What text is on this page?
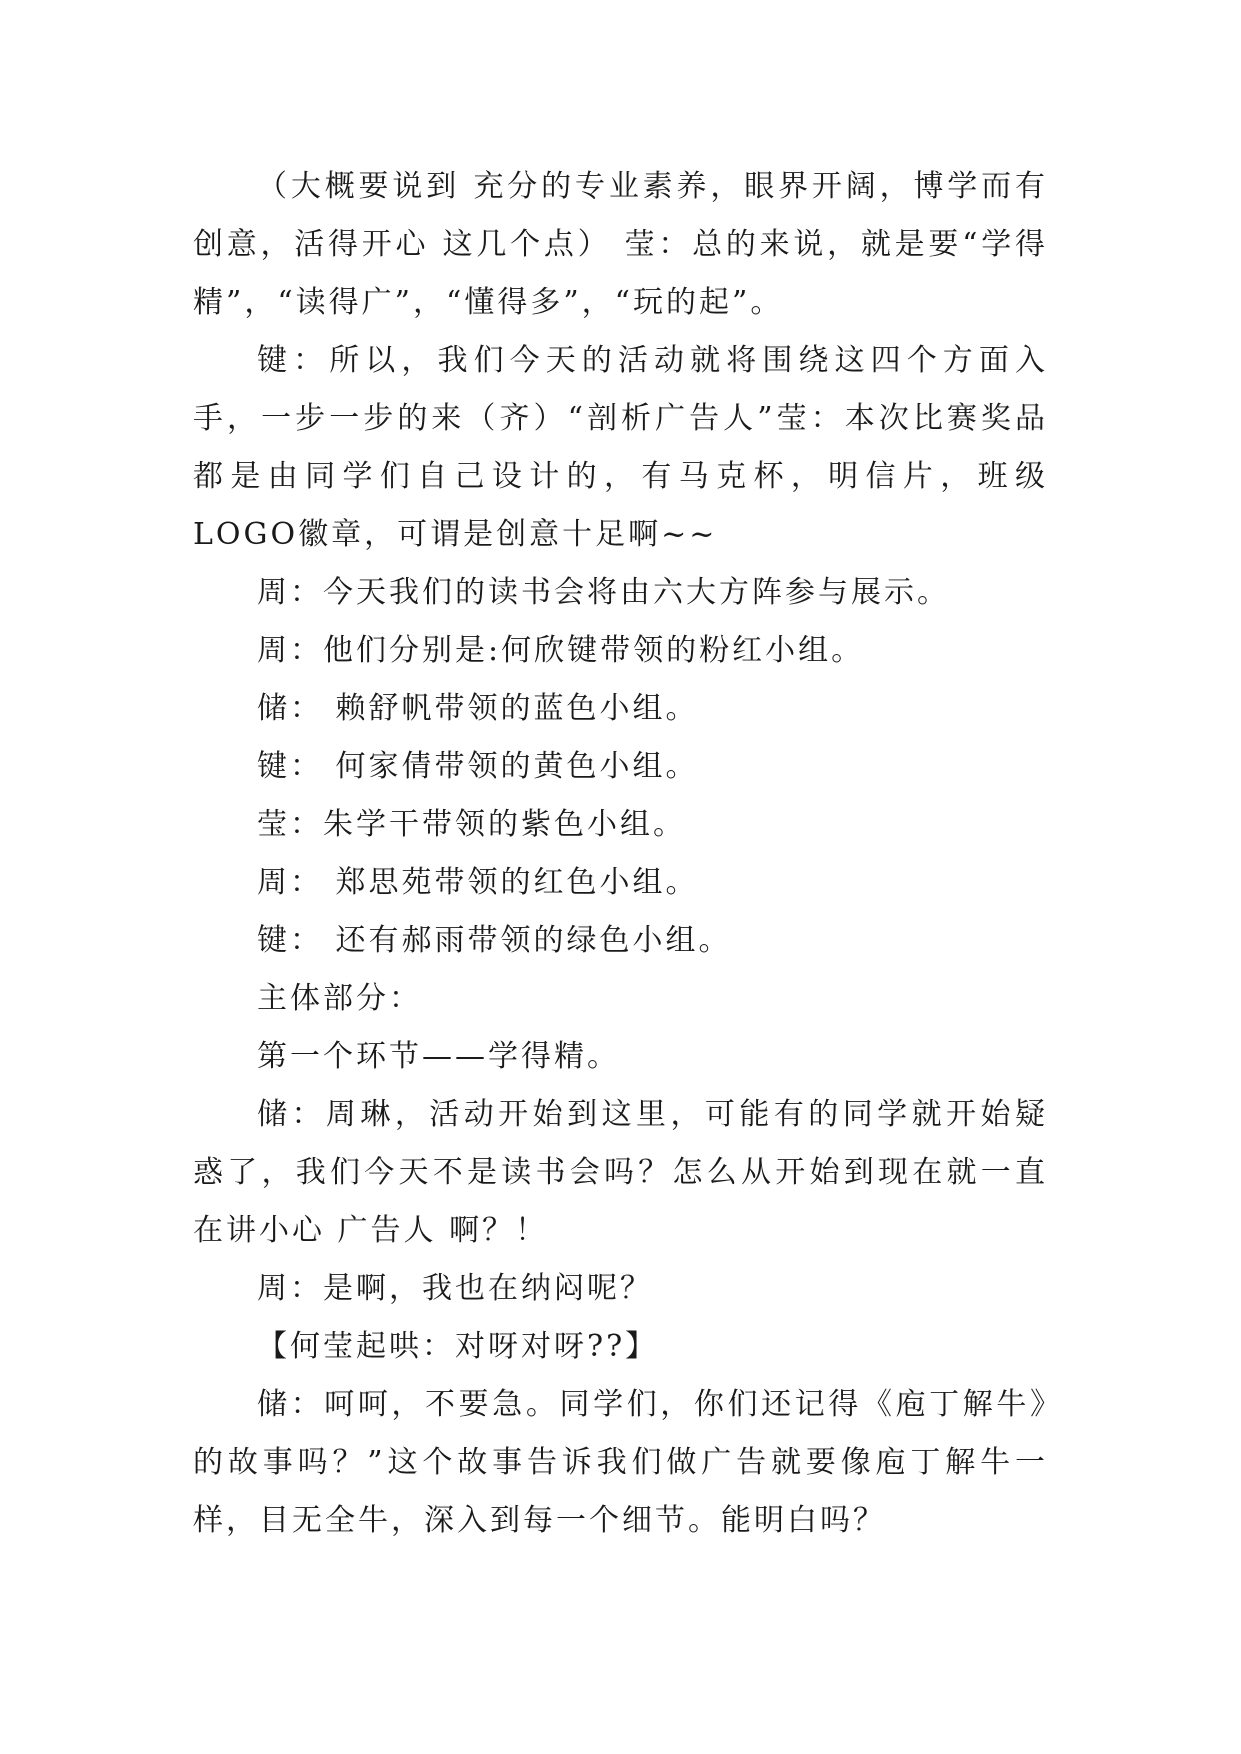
（大概要说到 充分的专业素养，眼界开阔，博学而有创意，活得开心 这几个点） 莹：总的来说，就是要“学得精”，“读得广”，“懂得多”，“玩的起”。

键：所以，我们今天的活动就将围绕这四个方面入手，一步一步的来（齐）“剖析广告人”莹：本次比赛奖品都是由同学们自己设计的，有马克杯，明信片，班级LOGO徽章，可谓是创意十足啊~~

周：今天我们的读书会将由六大方阵参与展示。

周：他们分别是:何欣键带领的粉红小组。

储： 赖舒帆带领的蓝色小组。

键： 何家倩带领的黄色小组。

莹：朱学干带领的紫色小组。

周： 郑思苑带领的红色小组。

键： 还有郝雨带领的绿色小组。

主体部分：

第一个环节——学得精。

储：周琳，活动开始到这里，可能有的同学就开始疑惑了，我们今天不是读书会吗？怎么从开始到现在就一直在讲小心 广告人 啊？！

周：是啊，我也在纳闷呢？

【何莹起哄：对呀对呀??】

储：呵呵，不要急。同学们，你们还记得《庖丁解牛》的故事吗？”这个故事告诉我们做广告就要像庖丁解牛一样，目无全牛，深入到每一个细节。能明白吗？
